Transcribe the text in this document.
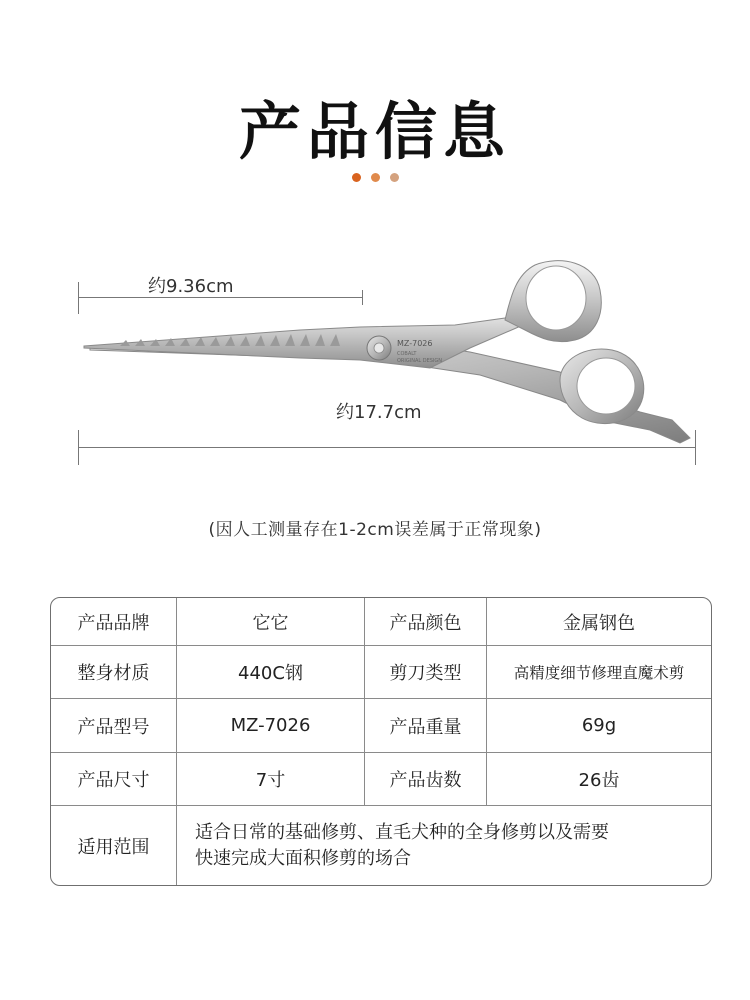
产品信息

约9.36cm
约17.7cm
MZ-7026
COBALT
ORIGINAL DESIGN
(因人工测量存在1-2cm误差属于正常现象)
产品品牌	它它	产品颜色	金属钢色
整身材质	440C钢	剪刀类型	高精度细节修理直魔术剪
产品型号	MZ-7026	产品重量	69g
产品尺寸	7寸	产品齿数	26齿
适用范围	适合日常的基础修剪、直毛犬种的全身修剪以及需要
快速完成大面积修剪的场合		
